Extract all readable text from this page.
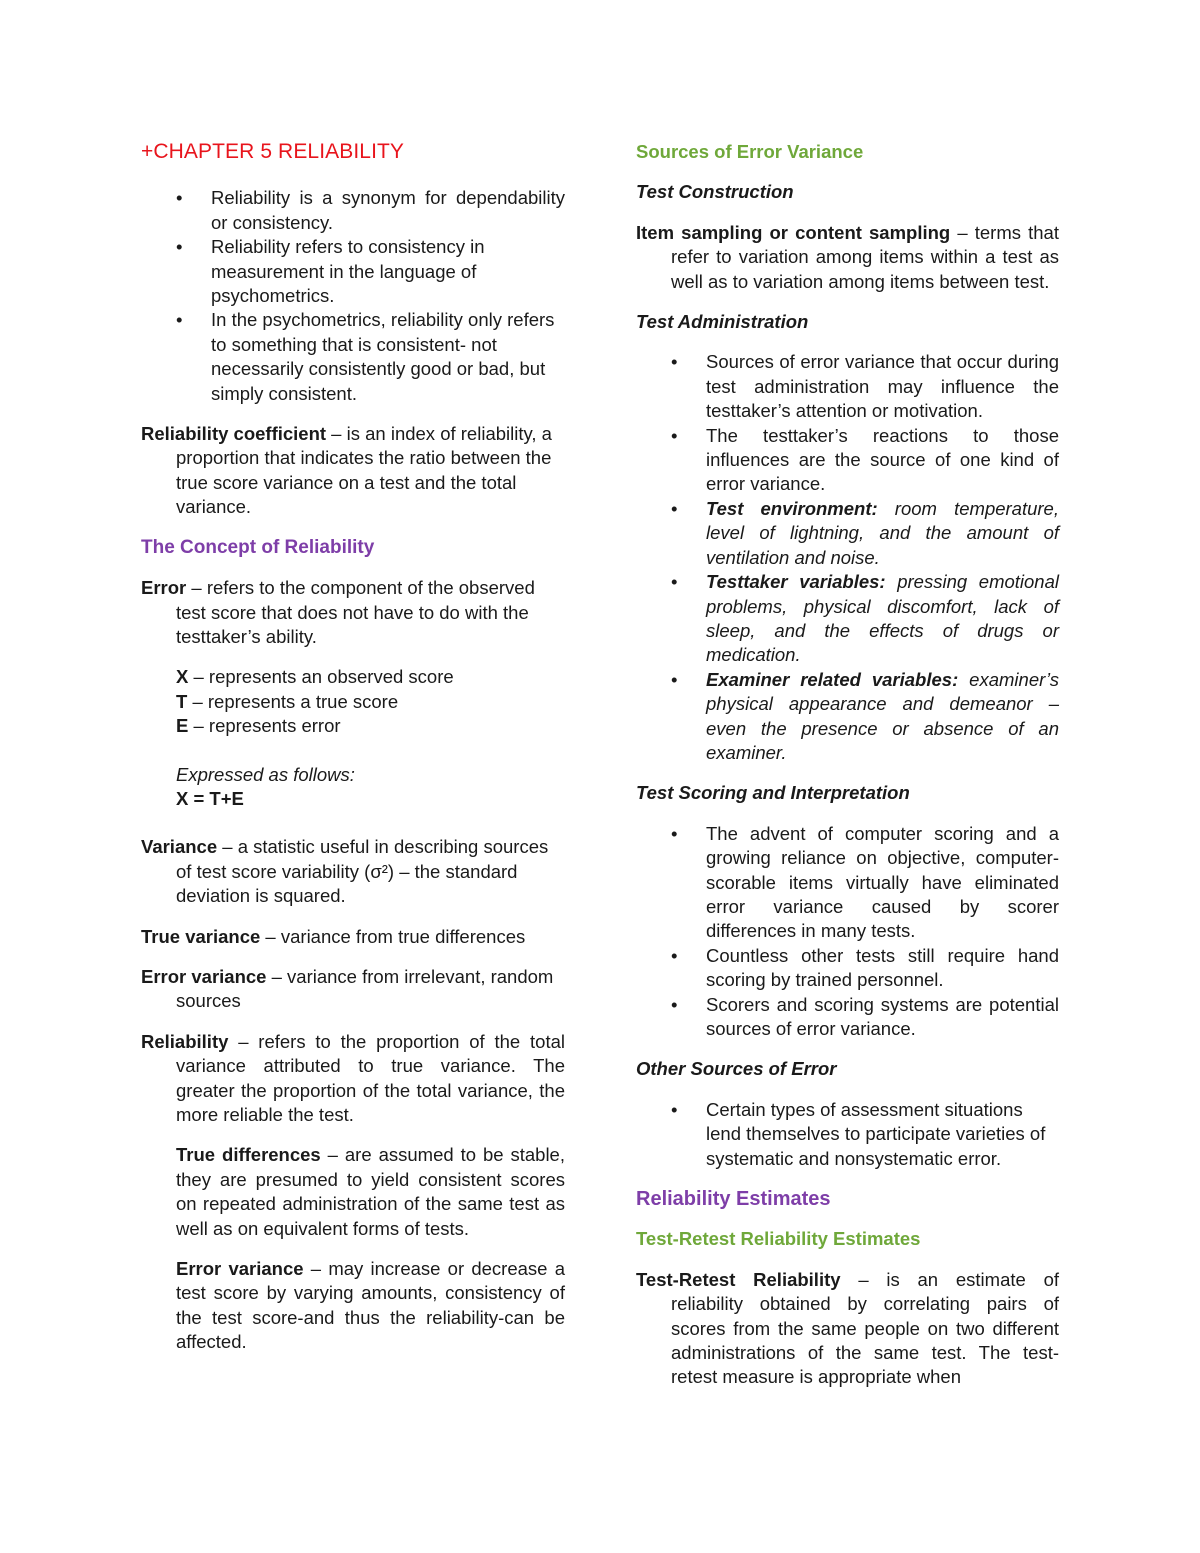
+CHAPTER 5 RELIABILITY
• Reliability is a synonym for dependability or consistency.
• Reliability refers to consistency in measurement in the language of psychometrics.
• In the psychometrics, reliability only refers to something that is consistent- not necessarily consistently good or bad, but simply consistent.

Reliability coefficient – is an index of reliability, a proportion that indicates the ratio between the true score variance on a test and the total variance.

The Concept of Reliability

Error – refers to the component of the observed test score that does not have to do with the testtaker’s ability.

X – represents an observed score
T – represents a true score
E – represents error
Expressed as follows:
X = T+E

Variance – a statistic useful in describing sources of test score variability (σ²) – the standard deviation is squared.

True variance – variance from true differences

Error variance – variance from irrelevant, random sources

Reliability – refers to the proportion of the total variance attributed to true variance. The greater the proportion of the total variance, the more reliable the test.

True differences – are assumed to be stable, they are presumed to yield consistent scores on repeated administration of the same test as well as on equivalent forms of tests.

Error variance – may increase or decrease a test score by varying amounts, consistency of the test score-and thus the reliability-can be affected.

Sources of Error Variance
Test Construction

Item sampling or content sampling – terms that refer to variation among items within a test as well as to variation among items between test.

Test Administration
• Sources of error variance that occur during test administration may influence the testtaker’s attention or motivation.
• The testtaker’s reactions to those influences are the source of one kind of error variance.
• Test environment: room temperature, level of lightning, and the amount of ventilation and noise.
• Testtaker variables: pressing emotional problems, physical discomfort, lack of sleep, and the effects of drugs or medication.
• Examiner related variables: examiner’s physical appearance and demeanor – even the presence or absence of an examiner.
Test Scoring and Interpretation
• The advent of computer scoring and a growing reliance on objective, computer-scorable items virtually have eliminated error variance caused by scorer differences in many tests.
• Countless other tests still require hand scoring by trained personnel.
• Scorers and scoring systems are potential sources of error variance.
Other Sources of Error
• Certain types of assessment situations lend themselves to participate varieties of systematic and nonsystematic error.
Reliability Estimates
Test-Retest Reliability Estimates

Test-Retest Reliability – is an estimate of reliability obtained by correlating pairs of scores from the same people on two different administrations of the same test. The test-retest measure is appropriate when
